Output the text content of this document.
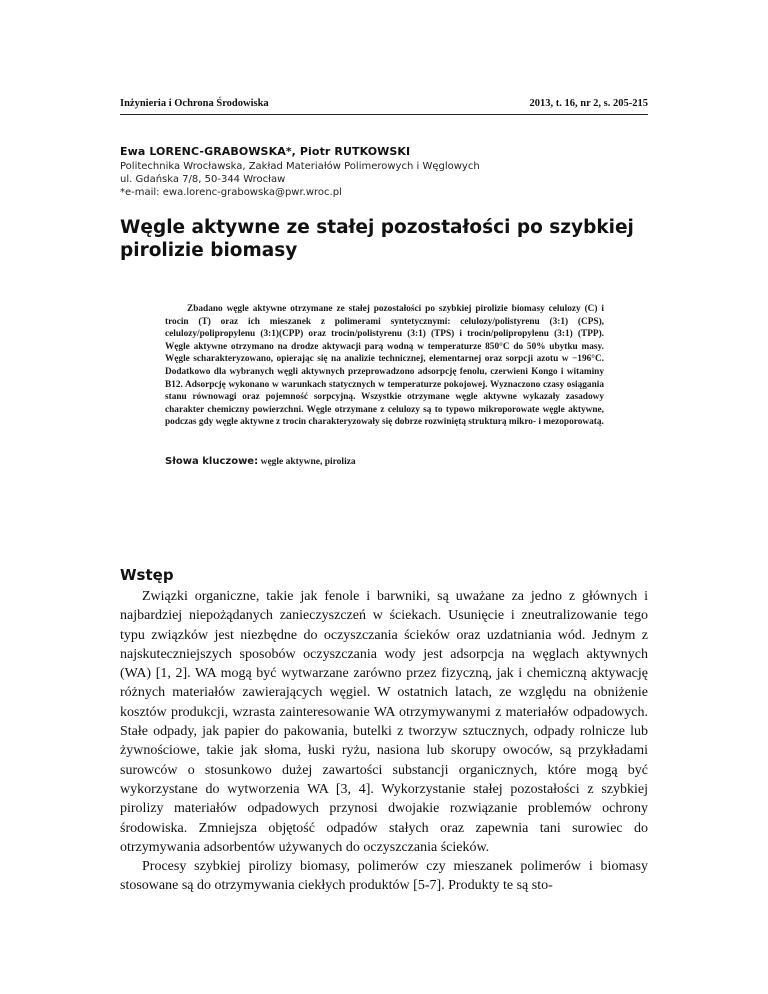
Inżynieria i Ochrona Środowiska	2013, t. 16, nr 2, s. 205-215
Ewa LORENC-GRABOWSKA*, Piotr RUTKOWSKI
Politechnika Wrocławska, Zakład Materiałów Polimerowych i Węglowych
ul. Gdańska 7/8, 50-344 Wrocław
*e-mail: ewa.lorenc-grabowska@pwr.wroc.pl
Węgle aktywne ze stałej pozostałości po szybkiej pirolizie biomasy
Zbadano węgle aktywne otrzymane ze stałej pozostałości po szybkiej pirolizie biomasy celulozy (C) i trocin (T) oraz ich mieszanek z polimerami syntetycznymi: celulozy/polistyrenu (3:1) (CPS), celulozy/polipropylenu (3:1)(CPP) oraz trocin/polistyrenu (3:1) (TPS) i trocin/polipropylenu (3:1) (TPP). Węgle aktywne otrzymano na drodze aktywacji parą wodną w temperaturze 850°C do 50% ubytku masy. Węgle scharakteryzowano, opierając się na analizie technicznej, elementarnej oraz sorpcji azotu w −196°C. Dodatkowo dla wybranych węgli aktywnych przeprowadzono adsorpcję fenolu, czerwieni Kongo i witaminy B12. Adsorpcję wykonano w warunkach statycznych w temperaturze pokojowej. Wyznaczono czasy osiągania stanu równowagi oraz pojemność sorpcyjną. Wszystkie otrzymane węgle aktywne wykazały zasadowy charakter chemiczny powierzchni. Węgle otrzymane z celulozy są to typowo mikroporowate węgle aktywne, podczas gdy węgle aktywne z trocin charakteryzowały się dobrze rozwiniętą strukturą mikro- i mezoporowatą.
Słowa kluczowe: węgle aktywne, piroliza
Wstęp

Związki organiczne, takie jak fenole i barwniki, są uważane za jedno z głównych i najbardziej niepożądanych zanieczyszczeń w ściekach. Usunięcie i zneutralizowanie tego typu związków jest niezbędne do oczyszczania ścieków oraz uzdatniania wód. Jednym z najskuteczniejszych sposobów oczyszczania wody jest adsorpcja na węglach aktywnych (WA) [1, 2]. WA mogą być wytwarzane zarówno przez fizyczną, jak i chemiczną aktywację różnych materiałów zawierających węgiel. W ostatnich latach, ze względu na obniżenie kosztów produkcji, wzrasta zainteresowanie WA otrzymywanymi z materiałów odpadowych. Stałe odpady, jak papier do pakowania, butelki z tworzyw sztucznych, odpady rolnicze lub żywnościowe, takie jak słoma, łuski ryżu, nasiona lub skorupy owoców, są przykładami surowców o stosunkowo dużej zawartości substancji organicznych, które mogą być wykorzystane do wytworzenia WA [3, 4]. Wykorzystanie stałej pozostałości z szybkiej pirolizy materiałów odpadowych przynosi dwojakie rozwiązanie problemów ochrony środowiska. Zmniejsza objętość odpadów stałych oraz zapewnia tani surowiec do otrzymywania adsorbentów używanych do oczyszczania ścieków.

Procesy szybkiej pirolizy biomasy, polimerów czy mieszanek polimerów i biomasy stosowane są do otrzymywania ciekłych produktów [5-7]. Produkty te są sto-
